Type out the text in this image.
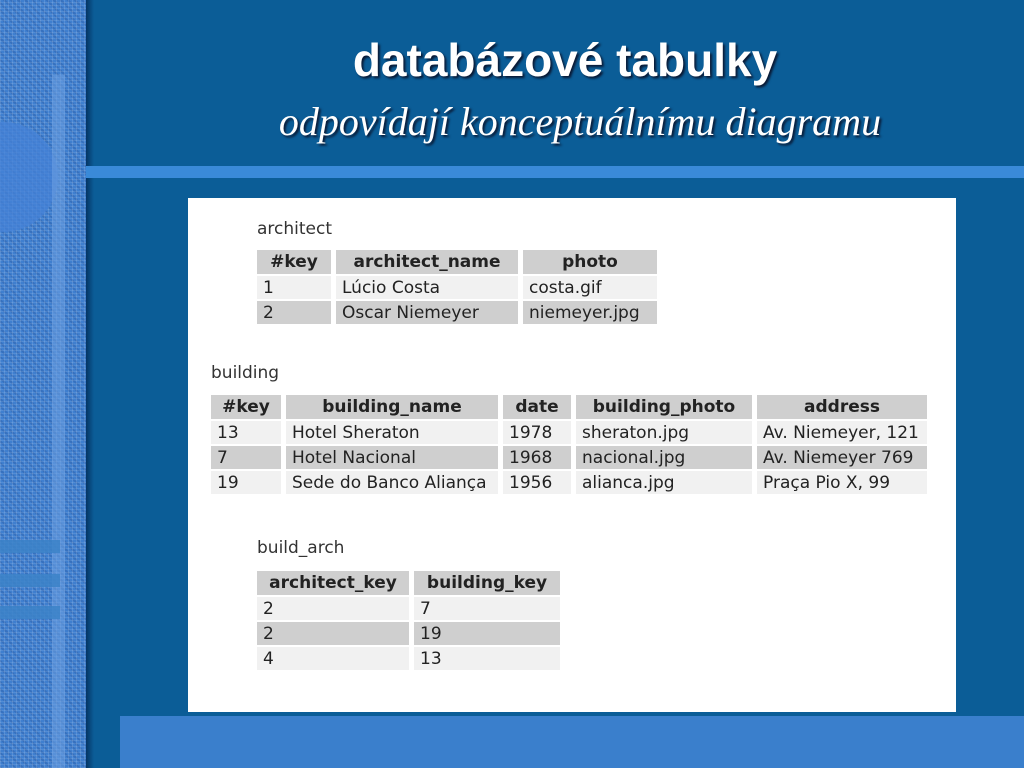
databázové tabulky
odpovídají konceptuálnímu diagramu
architect
#key	architect_name	photo
1	Lúcio Costa	costa.gif
2	Oscar Niemeyer	niemeyer.jpg
building
#key	building_name	date	building_photo	address
13	Hotel Sheraton	1978	sheraton.jpg	Av. Niemeyer, 121
7	Hotel Nacional	1968	nacional.jpg	Av. Niemeyer 769
19	Sede do Banco Aliança	1956	alianca.jpg	Praça Pio X, 99
build_arch
architect_key	building_key
2	7
2	19
4	13
